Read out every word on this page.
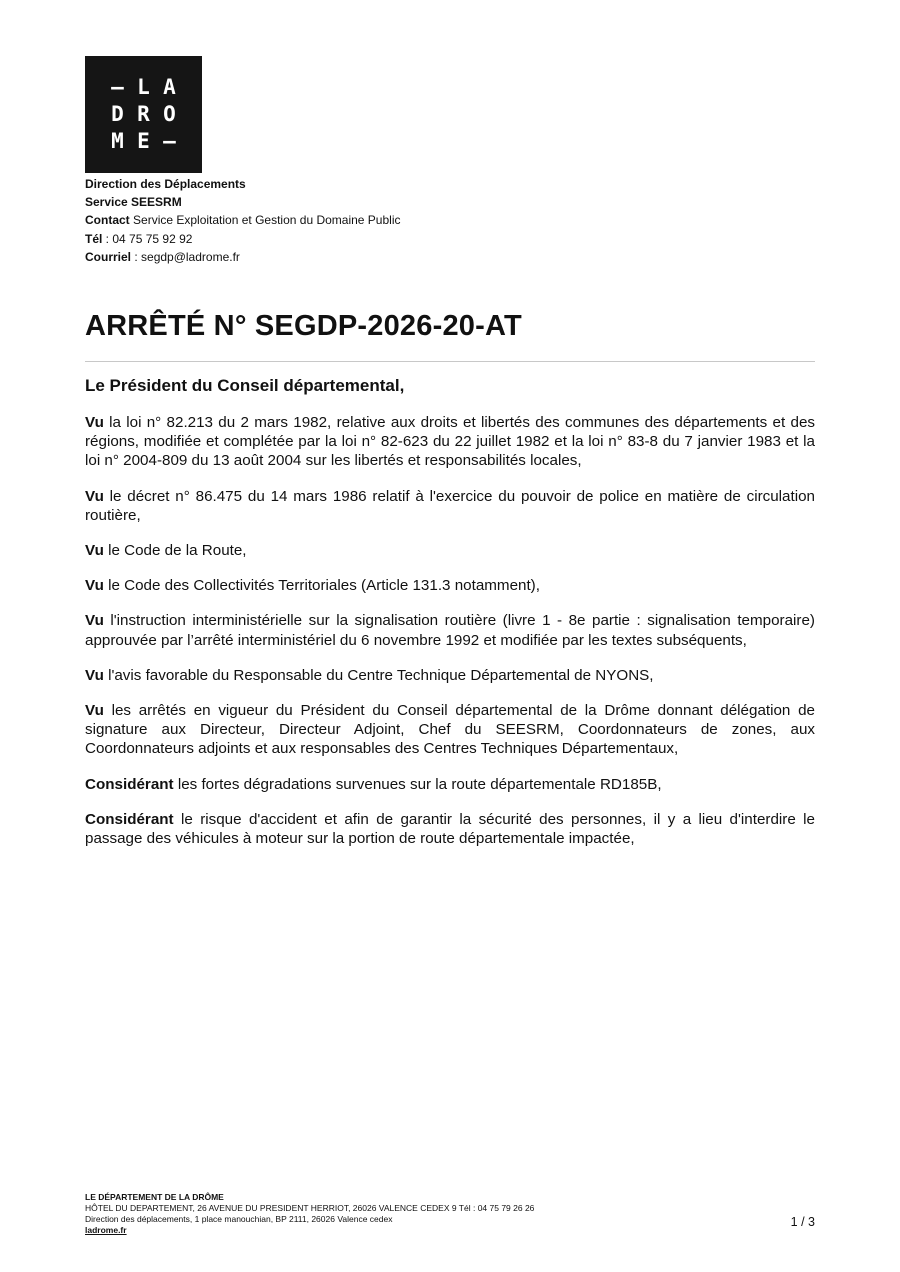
– L A
D R O
M E –
Direction des Déplacements
Service SEESRM
Contact Service Exploitation et Gestion du Domaine Public
Tél : 04 75 75 92 92
Courriel : segdp@ladrome.fr
ARRÊTÉ N° SEGDP-2026-20-AT
Le Président du Conseil départemental,

Vu la loi n° 82.213 du 2 mars 1982, relative aux droits et libertés des communes des départements et des régions, modifiée et complétée par la loi n° 82-623 du 22 juillet 1982 et la loi n° 83-8 du 7 janvier 1983 et la loi n° 2004-809 du 13 août 2004 sur les libertés et responsabilités locales,

Vu le décret n° 86.475 du 14 mars 1986 relatif à l'exercice du pouvoir de police en matière de circulation routière,

Vu le Code de la Route,

Vu le Code des Collectivités Territoriales (Article 131.3 notamment),

Vu l'instruction interministérielle sur la signalisation routière (livre 1 - 8e partie : signalisation temporaire) approuvée par l’arrêté interministériel du 6 novembre 1992 et modifiée par les textes subséquents,

Vu l'avis favorable du Responsable du Centre Technique Départemental de NYONS,

Vu les arrêtés en vigueur du Président du Conseil départemental de la Drôme donnant délégation de signature aux Directeur, Directeur Adjoint, Chef du SEESRM, Coordonnateurs de zones, aux Coordonnateurs adjoints et aux responsables des Centres Techniques Départementaux,

Considérant les fortes dégradations survenues sur la route départementale RD185B,

Considérant le risque d'accident et afin de garantir la sécurité des personnes, il y a lieu d'interdire le passage des véhicules à moteur sur la portion de route départementale impactée,

LE DÉPARTEMENT DE LA DRÔME
HÔTEL DU DEPARTEMENT, 26 AVENUE DU PRESIDENT HERRIOT, 26026 VALENCE CEDEX 9 Tél : 04 75 79 26 26
Direction des déplacements, 1 place manouchian, BP 2111, 26026 Valence cedex
ladrome.fr
1 / 3
